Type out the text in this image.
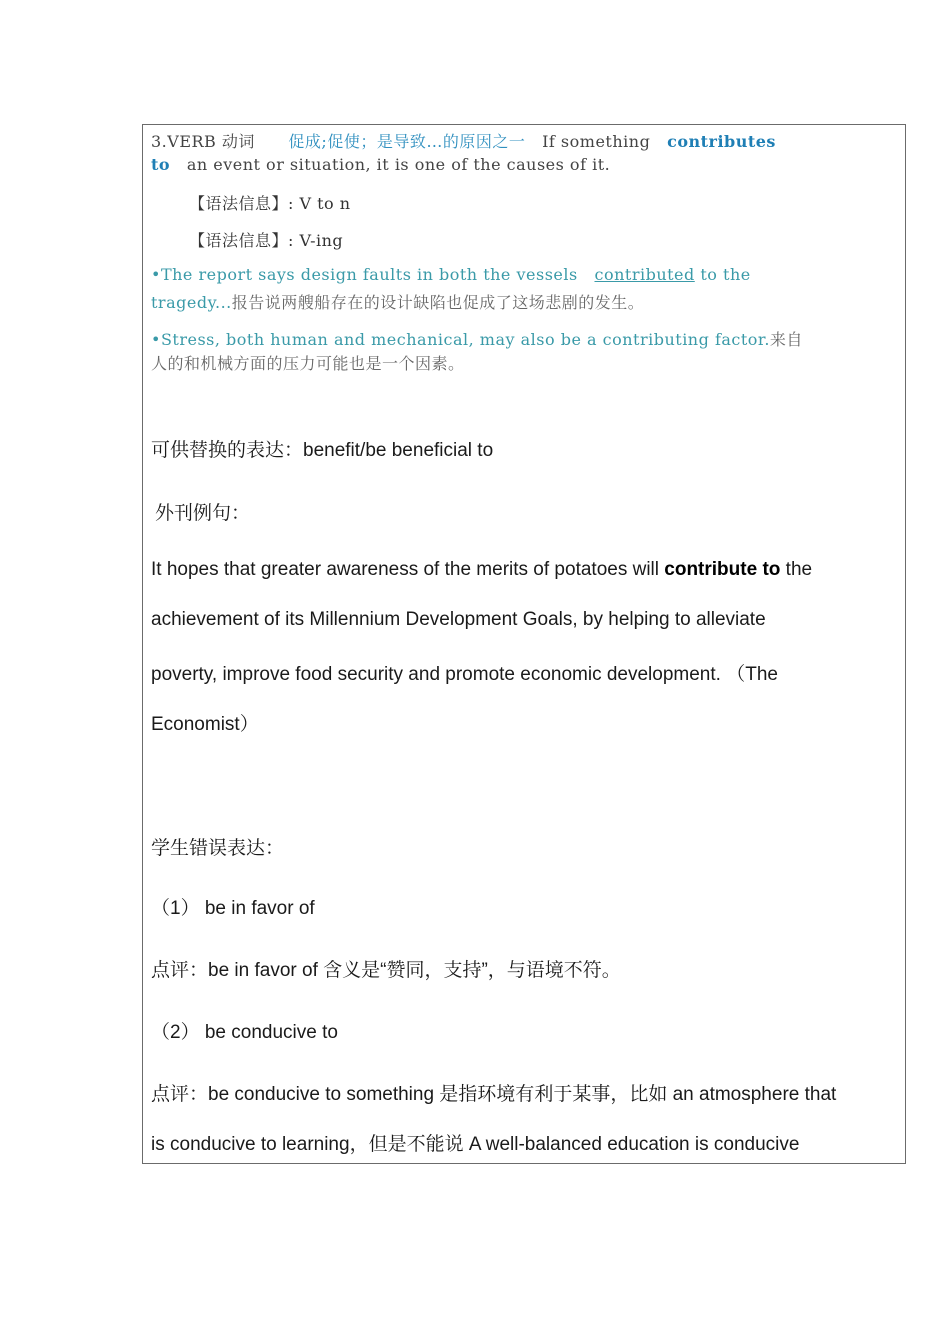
3.VERB 动词 促成;促使；是导致…的原因之一 If something contributes
to an event or situation, it is one of the causes of it.
【语法信息】: V to n
【语法信息】: V-ing
•The report says design faults in both the vessels contributed to the
tragedy...报告说两艘船存在的设计缺陷也促成了这场悲剧的发生。
•Stress, both human and mechanical, may also be a contributing factor.来自
人的和机械方面的压力可能也是一个因素。
可供替换的表达：benefit/be beneficial to
外刊例句：
It hopes that greater awareness of the merits of potatoes will contribute to the
achievement of its Millennium Development Goals, by helping to alleviate
poverty, improve food security and promote economic development. （The
Economist）
学生错误表达：
（1） be in favor of
点评：be in favor of 含义是“赞同，支持”，与语境不符。
（2） be conducive to
点评：be conducive to something 是指环境有利于某事，比如 an atmosphere that
is conducive to learning，但是不能说 A well-balanced education is conducive
